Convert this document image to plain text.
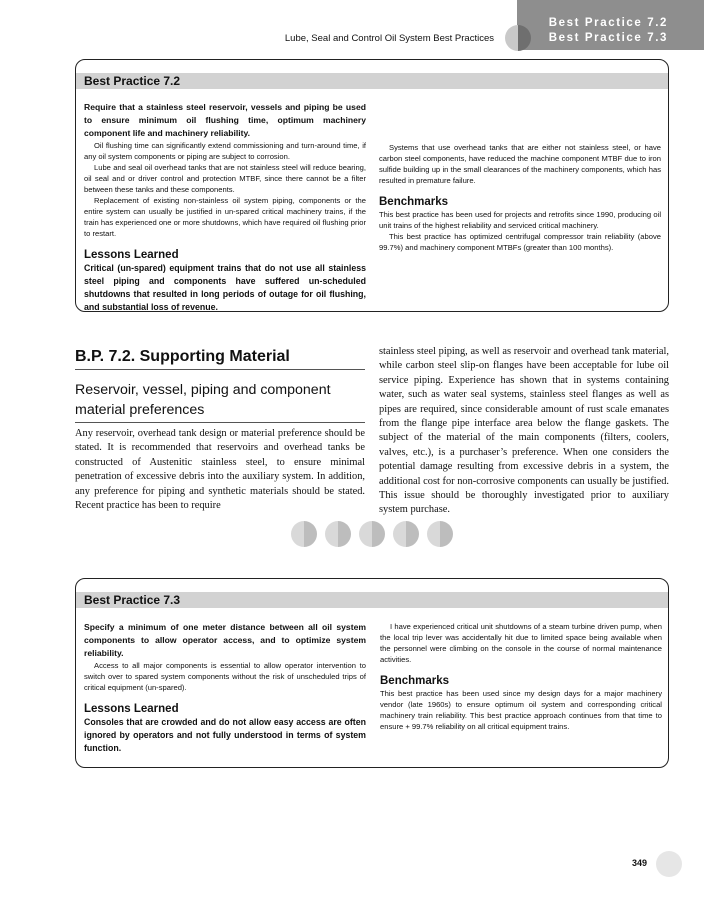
Best Practice 7.2
Best Practice 7.3
Lube, Seal and Control Oil System Best Practices
Best Practice 7.2

Require that a stainless steel reservoir, vessels and piping be used to ensure minimum oil flushing time, optimum machinery component life and machinery reliability.

Oil flushing time can significantly extend commissioning and turn-around time, if any oil system components or piping are subject to corrosion.

Lube and seal oil overhead tanks that are not stainless steel will reduce bearing, oil seal and or driver control and protection MTBF, since there cannot be a filter between these tanks and these components.

Replacement of existing non-stainless oil system piping, components or the entire system can usually be justified in un-spared critical machinery trains, if the train has experienced one or more shutdowns, which have required oil flushing prior to restart.

Lessons Learned

Critical (un-spared) equipment trains that do not use all stainless steel piping and components have suffered un-scheduled shutdowns that resulted in long periods of outage for oil flushing, and substantial loss of revenue.

Systems that use overhead tanks that are either not stainless steel, or have carbon steel components, have reduced the machine component MTBF due to iron sulfide building up in the small clearances of the machinery components, which has resulted in premature failure.

Benchmarks

This best practice has been used for projects and retrofits since 1990, producing oil unit trains of the highest reliability and serviced critical machinery.

This best practice has optimized centrifugal compressor train reliability (above 99.7%) and machinery component MTBFs (greater than 100 months).

B.P. 7.2. Supporting Material
Reservoir, vessel, piping and component material preferences

Any reservoir, overhead tank design or material preference should be stated. It is recommended that reservoirs and overhead tanks be constructed of Austenitic stainless steel, to ensure minimal penetration of excessive debris into the auxiliary system. In addition, any preference for piping and synthetic materials should be stated. Recent practice has been to require

stainless steel piping, as well as reservoir and overhead tank material, while carbon steel slip-on flanges have been acceptable for lube oil service piping. Experience has shown that in systems containing water, such as water seal systems, stainless steel flanges as well as pipes are required, since considerable amount of rust scale emanates from the flange pipe interface area below the flange gaskets. The subject of the material of the main components (filters, coolers, valves, etc.), is a purchaser’s preference. When one considers the potential damage resulting from excessive debris in a system, the additional cost for non-corrosive components can usually be justified. This issue should be thoroughly investigated prior to auxiliary system purchase.

Best Practice 7.3

Specify a minimum of one meter distance between all oil system components to allow operator access, and to optimize system reliability.

Access to all major components is essential to allow operator intervention to switch over to spared system components without the risk of unscheduled trips of critical equipment (un-spared).

Lessons Learned

Consoles that are crowded and do not allow easy access are often ignored by operators and not fully understood in terms of system function.

I have experienced critical unit shutdowns of a steam turbine driven pump, when the local trip lever was accidentally hit due to limited space being available when the personnel were climbing on the console in the course of normal maintenance activities.

Benchmarks

This best practice has been used since my design days for a major machinery vendor (late 1960s) to ensure optimum oil system and corresponding critical machinery train reliability. This best practice approach continues from that time to ensure + 99.7% reliability on all critical equipment trains.

349
